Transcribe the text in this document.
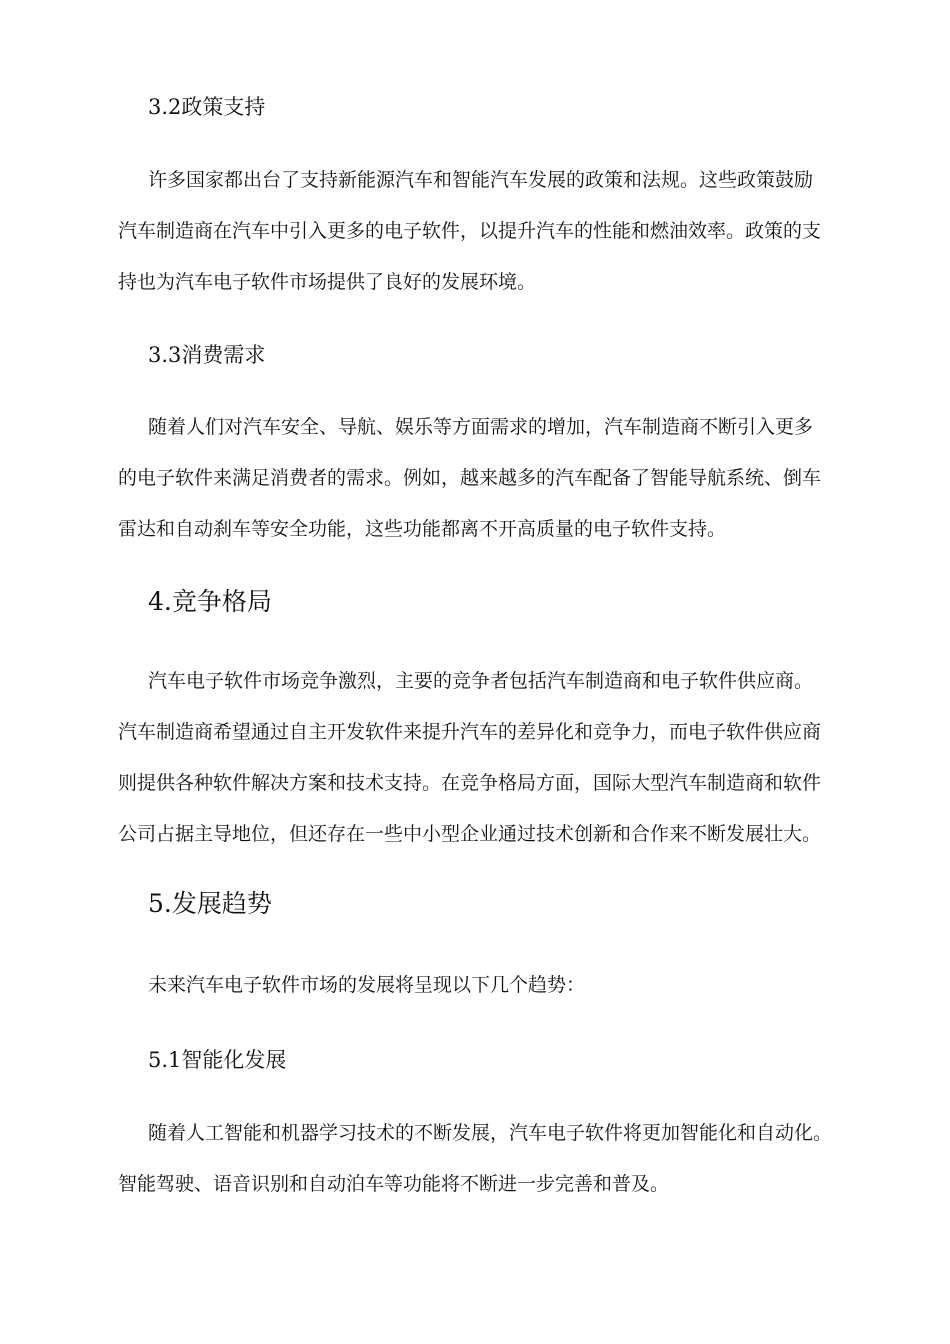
3.2政策支持
许多国家都出台了支持新能源汽车和智能汽车发展的政策和法规。这些政策鼓励
汽车制造商在汽车中引入更多的电子软件，以提升汽车的性能和燃油效率。政策的支
持也为汽车电子软件市场提供了良好的发展环境。
3.3消费需求
随着人们对汽车安全、导航、娱乐等方面需求的增加，汽车制造商不断引入更多
的电子软件来满足消费者的需求。例如，越来越多的汽车配备了智能导航系统、倒车
雷达和自动刹车等安全功能，这些功能都离不开高质量的电子软件支持。
4.竞争格局
汽车电子软件市场竞争激烈，主要的竞争者包括汽车制造商和电子软件供应商。
汽车制造商希望通过自主开发软件来提升汽车的差异化和竞争力，而电子软件供应商
则提供各种软件解决方案和技术支持。在竞争格局方面，国际大型汽车制造商和软件
公司占据主导地位，但还存在一些中小型企业通过技术创新和合作来不断发展壮大。
5.发展趋势
未来汽车电子软件市场的发展将呈现以下几个趋势：
5.1智能化发展
随着人工智能和机器学习技术的不断发展，汽车电子软件将更加智能化和自动化。
智能驾驶、语音识别和自动泊车等功能将不断进一步完善和普及。
